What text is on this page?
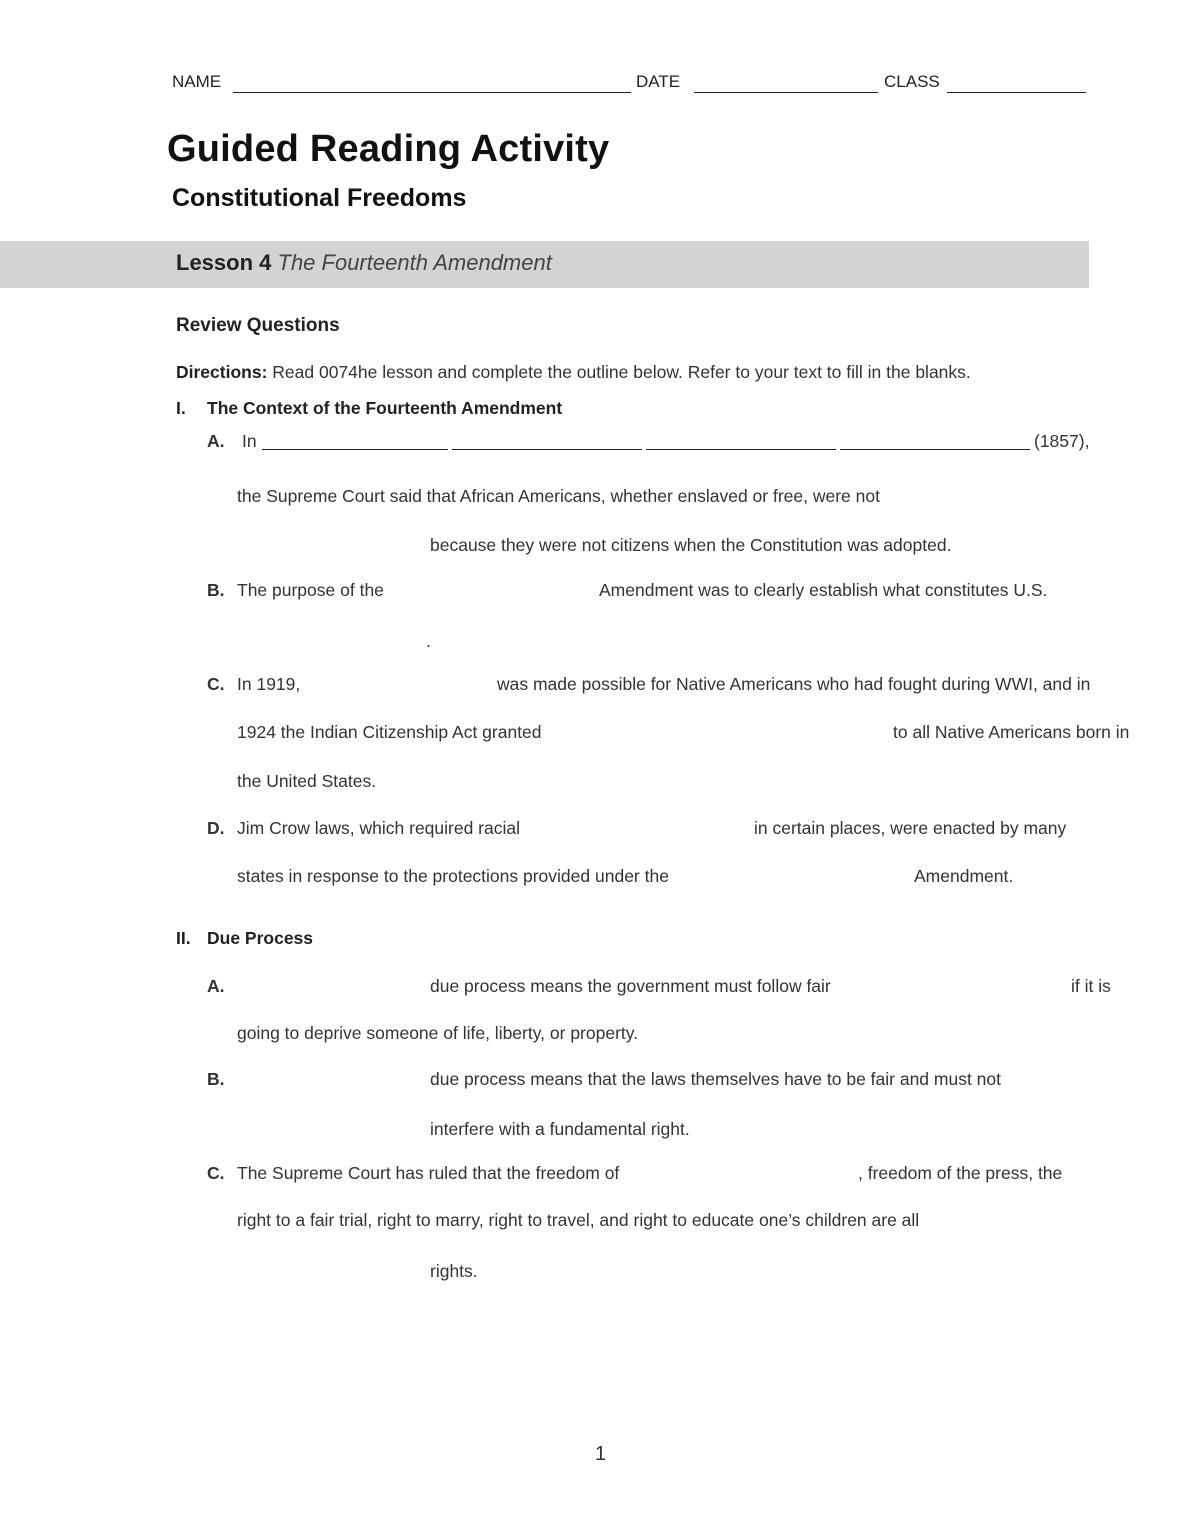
NAME	DATE	CLASS
Guided Reading Activity
Constitutional Freedoms
Lesson 4 The Fourteenth Amendment
Review Questions
Directions: Read 0074he lesson and complete the outline below. Refer to your text to fill in the blanks.
I. The Context of the Fourteenth Amendment
A. In	(1857),
the Supreme Court said that African Americans, whether enslaved or free, were not
because they were not citizens when the Constitution was adopted.
B. The purpose of the	Amendment was to clearly establish what constitutes U.S.
.
C. In 1919,	was made possible for Native Americans who had fought during WWI, and in
1924 the Indian Citizenship Act granted	to all Native Americans born in
the United States.
D. Jim Crow laws, which required racial	in certain places, were enacted by many
states in response to the protections provided under the	Amendment.
II. Due Process
A.	due process means the government must follow fair	if it is
going to deprive someone of life, liberty, or property.
B.	due process means that the laws themselves have to be fair and must not
interfere with a fundamental right.
C. The Supreme Court has ruled that the freedom of	, freedom of the press, the
right to a fair trial, right to marry, right to travel, and right to educate one’s children are all
rights.
1
